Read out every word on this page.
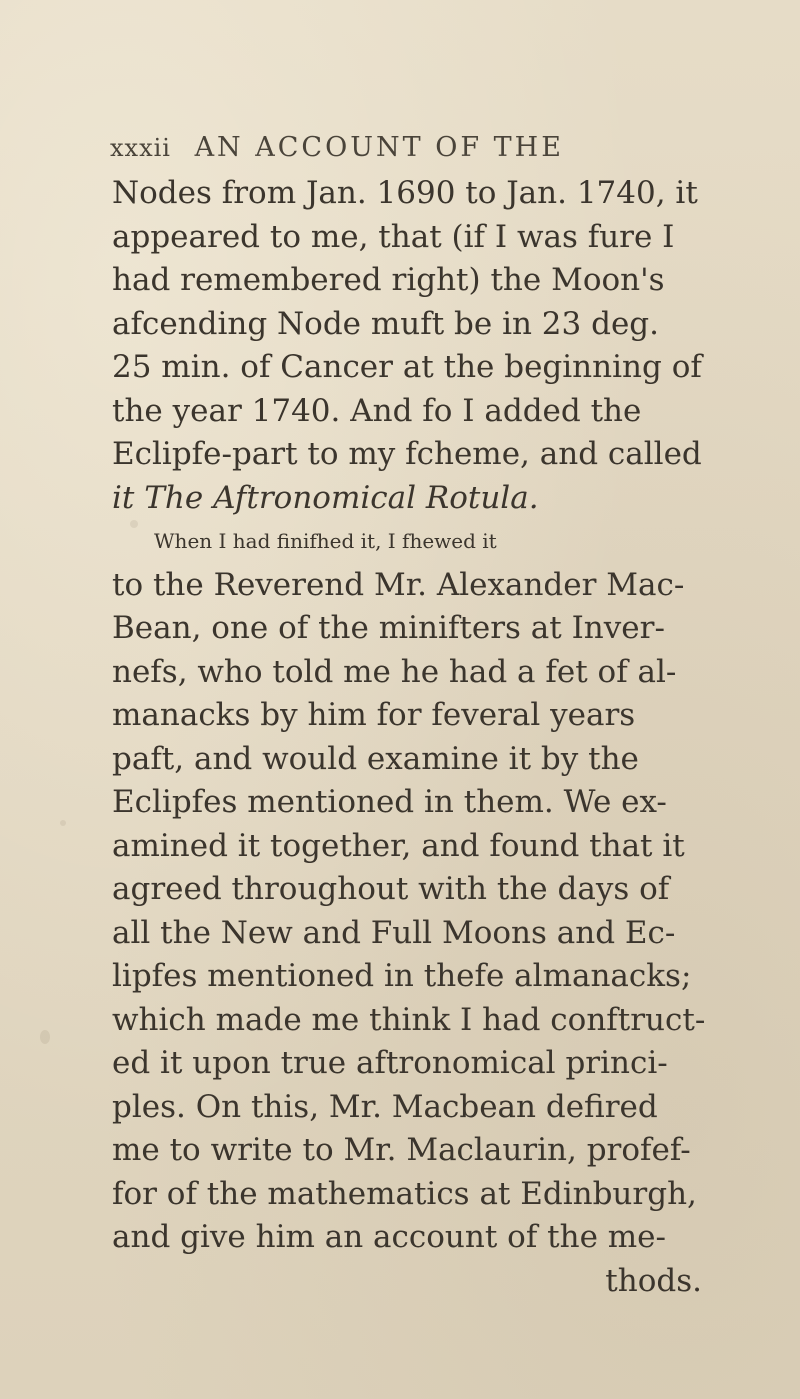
xxxii AN ACCOUNT OF THE
Nodes from Jan. 1690 to Jan. 1740, it
appeared to me, that (if I was fure I
had remembered right) the Moon's
afcending Node muft be in 23 deg.
25 min. of Cancer at the beginning of
the year 1740. And fo I added the
Eclipfe-part to my fcheme, and called
it The Aftronomical Rotula.
When I had finifhed it, I fhewed it
to the Reverend Mr. Alexander Mac-
Bean, one of the minifters at Inver-
nefs, who told me he had a fet of al-
manacks by him for feveral years
paft, and would examine it by the
Eclipfes mentioned in them. We ex-
amined it together, and found that it
agreed throughout with the days of
all the New and Full Moons and Ec-
lipfes mentioned in thefe almanacks;
which made me think I had conftruct-
ed it upon true aftronomical princi-
ples. On this, Mr. Macbean defired
me to write to Mr. Maclaurin, profef-
for of the mathematics at Edinburgh,
and give him an account of the me-
thods.
